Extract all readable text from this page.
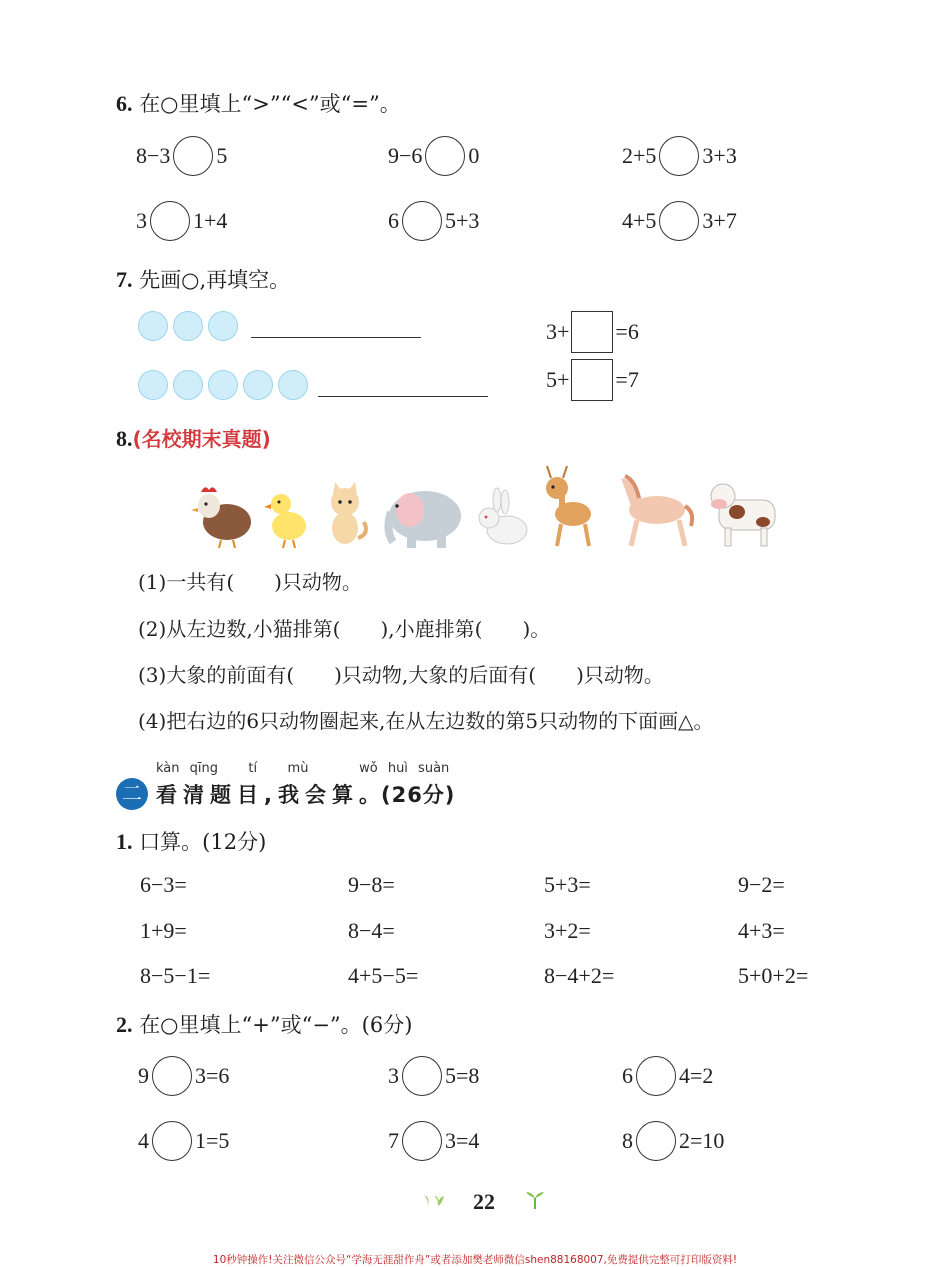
6. 在○里填上“>”“<”或“=”。
8−3 5	9−6 0	2+5 3+3
3 1+4	6 5+3	4+5 3+7
7. 先画○,再填空。
3+ =6
5+ =7
8.(名校期末真题)
(1)一共有(　　)只动物。
(2)从左边数,小猫排第(　　),小鹿排第(　　)。
(3)大象的前面有(　　)只动物,大象的后面有(　　)只动物。
(4)把右边的6只动物圈起来,在从左边数的第5只动物的下面画△。
kàn qīng tí mù	wǒ huì suàn
二 看清题目,我会算 。(26分)
1. 口算。(12分)
6−3=	9−8=	5+3=	9−2=
1+9=	8−4=	3+2=	4+3=
8−5−1=	4+5−5=	8−4+2=	5+0+2=
2. 在○里填上“+”或“−”。(6分)
9 3=6	3 5=8	6 4=2
4 1=5	7 3=4	8 2=10
22
10秒钟操作!关注微信公众号“学海无涯甜作舟”或者添加樊老师微信shen88168007,免费提供完整可打印版资料!
